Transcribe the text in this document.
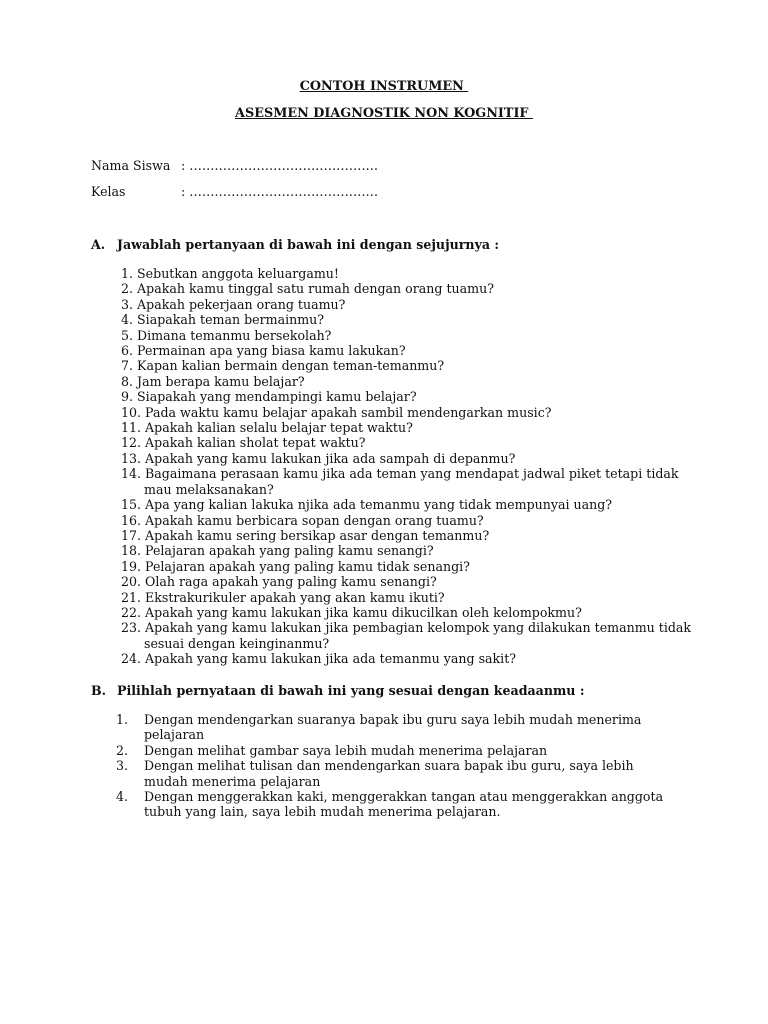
CONTOH INSTRUMEN
ASESMEN DIAGNOSTIK NON KOGNITIF
Nama Siswa : ………………………………………
Kelas	: ………………………………………
A. Jawablah pertanyaan di bawah ini dengan sejujurnya :
1. Sebutkan anggota keluargamu!
2. Apakah kamu tinggal satu rumah dengan orang tuamu?
3. Apakah pekerjaan orang tuamu?
4. Siapakah teman bermainmu?
5. Dimana temanmu bersekolah?
6. Permainan apa yang biasa kamu lakukan?
7. Kapan kalian bermain dengan teman-temanmu?
8. Jam berapa kamu belajar?
9. Siapakah yang mendampingi kamu belajar?
10. Pada waktu kamu belajar apakah sambil mendengarkan music?
11. Apakah kalian selalu belajar tepat waktu?
12. Apakah kalian sholat tepat waktu?
13. Apakah yang kamu lakukan jika ada sampah di depanmu?
14. Bagaimana perasaan kamu jika ada teman yang mendapat jadwal piket tetapi tidak mau melaksanakan?
15. Apa yang kalian lakuka njika ada temanmu yang tidak mempunyai uang?
16. Apakah kamu berbicara sopan dengan orang tuamu?
17. Apakah kamu sering bersikap asar dengan temanmu?
18. Pelajaran apakah yang paling kamu senangi?
19. Pelajaran apakah yang paling kamu tidak senangi?
20. Olah raga apakah yang paling kamu senangi?
21. Ekstrakurikuler apakah yang akan kamu ikuti?
22. Apakah yang kamu lakukan jika kamu dikucilkan oleh kelompokmu?
23. Apakah yang kamu lakukan jika pembagian kelompok yang dilakukan temanmu tidak sesuai dengan keinginanmu?
24. Apakah yang kamu lakukan jika ada temanmu yang sakit?
B. Pilihlah pernyataan di bawah ini yang sesuai dengan keadaanmu :
1. Dengan mendengarkan suaranya bapak ibu guru saya lebih mudah menerima pelajaran
2. Dengan melihat gambar saya lebih mudah menerima pelajaran
3. Dengan melihat tulisan dan mendengarkan suara bapak ibu guru, saya lebih mudah menerima pelajaran
4. Dengan menggerakkan kaki, menggerakkan tangan atau menggerakkan anggota tubuh yang lain, saya lebih mudah menerima pelajaran.
